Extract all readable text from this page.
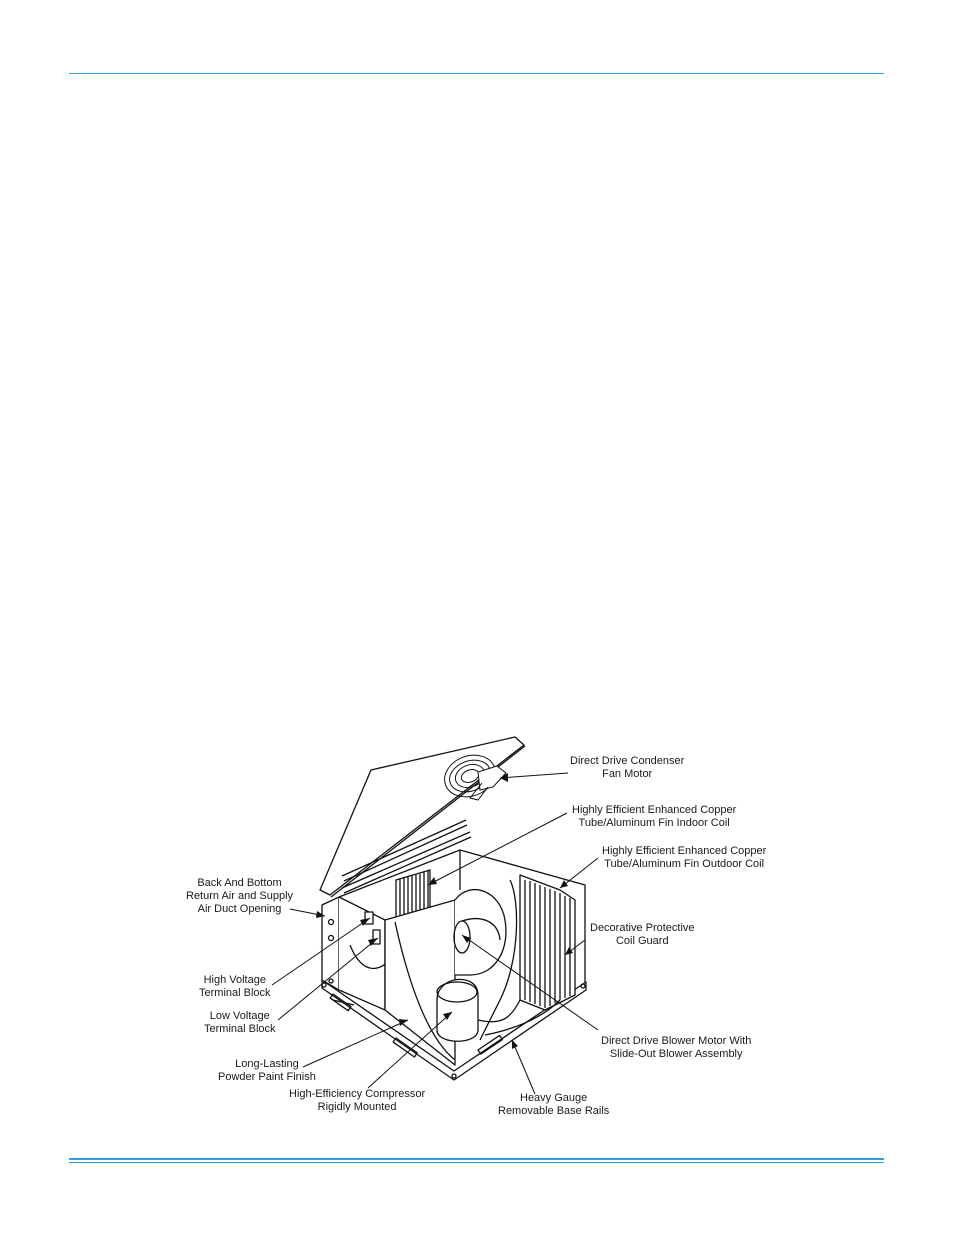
Direct Drive Condenser
Fan Motor
Highly Efficient Enhanced Copper
Tube/Aluminum Fin Indoor Coil
Highly Efficient Enhanced Copper
Tube/Aluminum Fin Outdoor Coil
Back And Bottom
Return Air and Supply
Air Duct Opening
Decorative Protective
Coil Guard
High Voltage
Terminal Block
Low Voltage
Terminal Block
Direct Drive Blower Motor With
Slide-Out Blower Assembly
Long-Lasting
Powder Paint Finish
High-Efficiency Compressor
Rigidly Mounted
Heavy Gauge
Removable Base Rails
